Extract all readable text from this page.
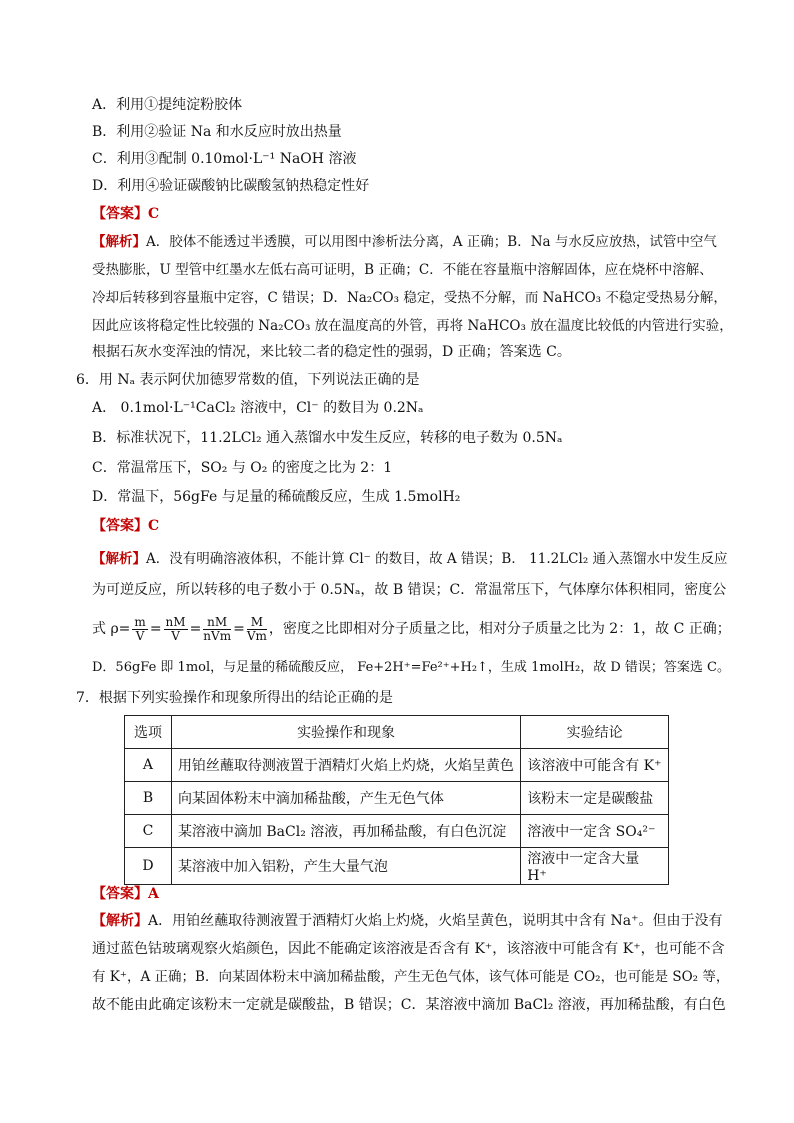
A．利用①提纯淀粉胶体
B．利用②验证 Na 和水反应时放出热量
C．利用③配制 0.10mol·L⁻¹ NaOH 溶液
D．利用④验证碳酸钠比碳酸氢钠热稳定性好
【答案】C
【解析】A．胶体不能透过半透膜，可以用图中渗析法分离，A 正确；B．Na 与水反应放热，试管中空气
受热膨胀，U 型管中红墨水左低右高可证明，B 正确；C．不能在容量瓶中溶解固体，应在烧杯中溶解、
冷却后转移到容量瓶中定容，C 错误；D．Na₂CO₃ 稳定，受热不分解，而 NaHCO₃ 不稳定受热易分解，
因此应该将稳定性比较强的 Na₂CO₃ 放在温度高的外管，再将 NaHCO₃ 放在温度比较低的内管进行实验，
根据石灰水变浑浊的情况，来比较二者的稳定性的强弱，D 正确；答案选 C。
6．用 Nₐ 表示阿伏加德罗常数的值，下列说法正确的是
A． 0.1mol·L⁻¹CaCl₂ 溶液中，Cl⁻ 的数目为 0.2Nₐ
B．标准状况下，11.2LCl₂ 通入蒸馏水中发生反应，转移的电子数为 0.5Nₐ
C．常温常压下，SO₂ 与 O₂ 的密度之比为 2：1
D．常温下，56gFe 与足量的稀硫酸反应，生成 1.5molH₂
【答案】C
【解析】A．没有明确溶液体积，不能计算 Cl⁻ 的数目，故 A 错误；B． 11.2LCl₂ 通入蒸馏水中发生反应
为可逆反应，所以转移的电子数小于 0.5Nₐ，故 B 错误；C．常温常压下，气体摩尔体积相同，密度公
式 $\rho= \frac{m}{V} = \frac{nM}{V} = \frac{nM}{\text{nVm}} = \frac{M}{Vm}$ ，密度之比即相对分子质量之比，相对分子质量之比为 2：1，故 C 正确；
D．56gFe 即 1mol，与足量的稀硫酸反应， Fe+2H⁺=Fe²⁺+H₂↑，生成 1molH₂，故 D 错误；答案选 C。
7．根据下列实验操作和现象所得出的结论正确的是
选项	实验操作和现象	实验结论
A	用铂丝蘸取待测液置于酒精灯火焰上灼烧，火焰呈黄色	该溶液中可能含有 K⁺
B	向某固体粉末中滴加稀盐酸，产生无色气体	该粉末一定是碳酸盐
C	某溶液中滴加 BaCl₂ 溶液，再加稀盐酸，有白色沉淀	溶液中一定含 SO₄²⁻
D	某溶液中加入铝粉，产生大量气泡	溶液中一定含大量 H⁺
【答案】A
【解析】A．用铂丝蘸取待测液置于酒精灯火焰上灼烧，火焰呈黄色，说明其中含有 Na⁺。但由于没有
通过蓝色钴玻璃观察火焰颜色，因此不能确定该溶液是否含有 K⁺，该溶液中可能含有 K⁺，也可能不含
有 K⁺，A 正确；B．向某固体粉末中滴加稀盐酸，产生无色气体，该气体可能是 CO₂，也可能是 SO₂ 等，
故不能由此确定该粉末一定就是碳酸盐，B 错误；C．某溶液中滴加 BaCl₂ 溶液，再加稀盐酸，有白色
